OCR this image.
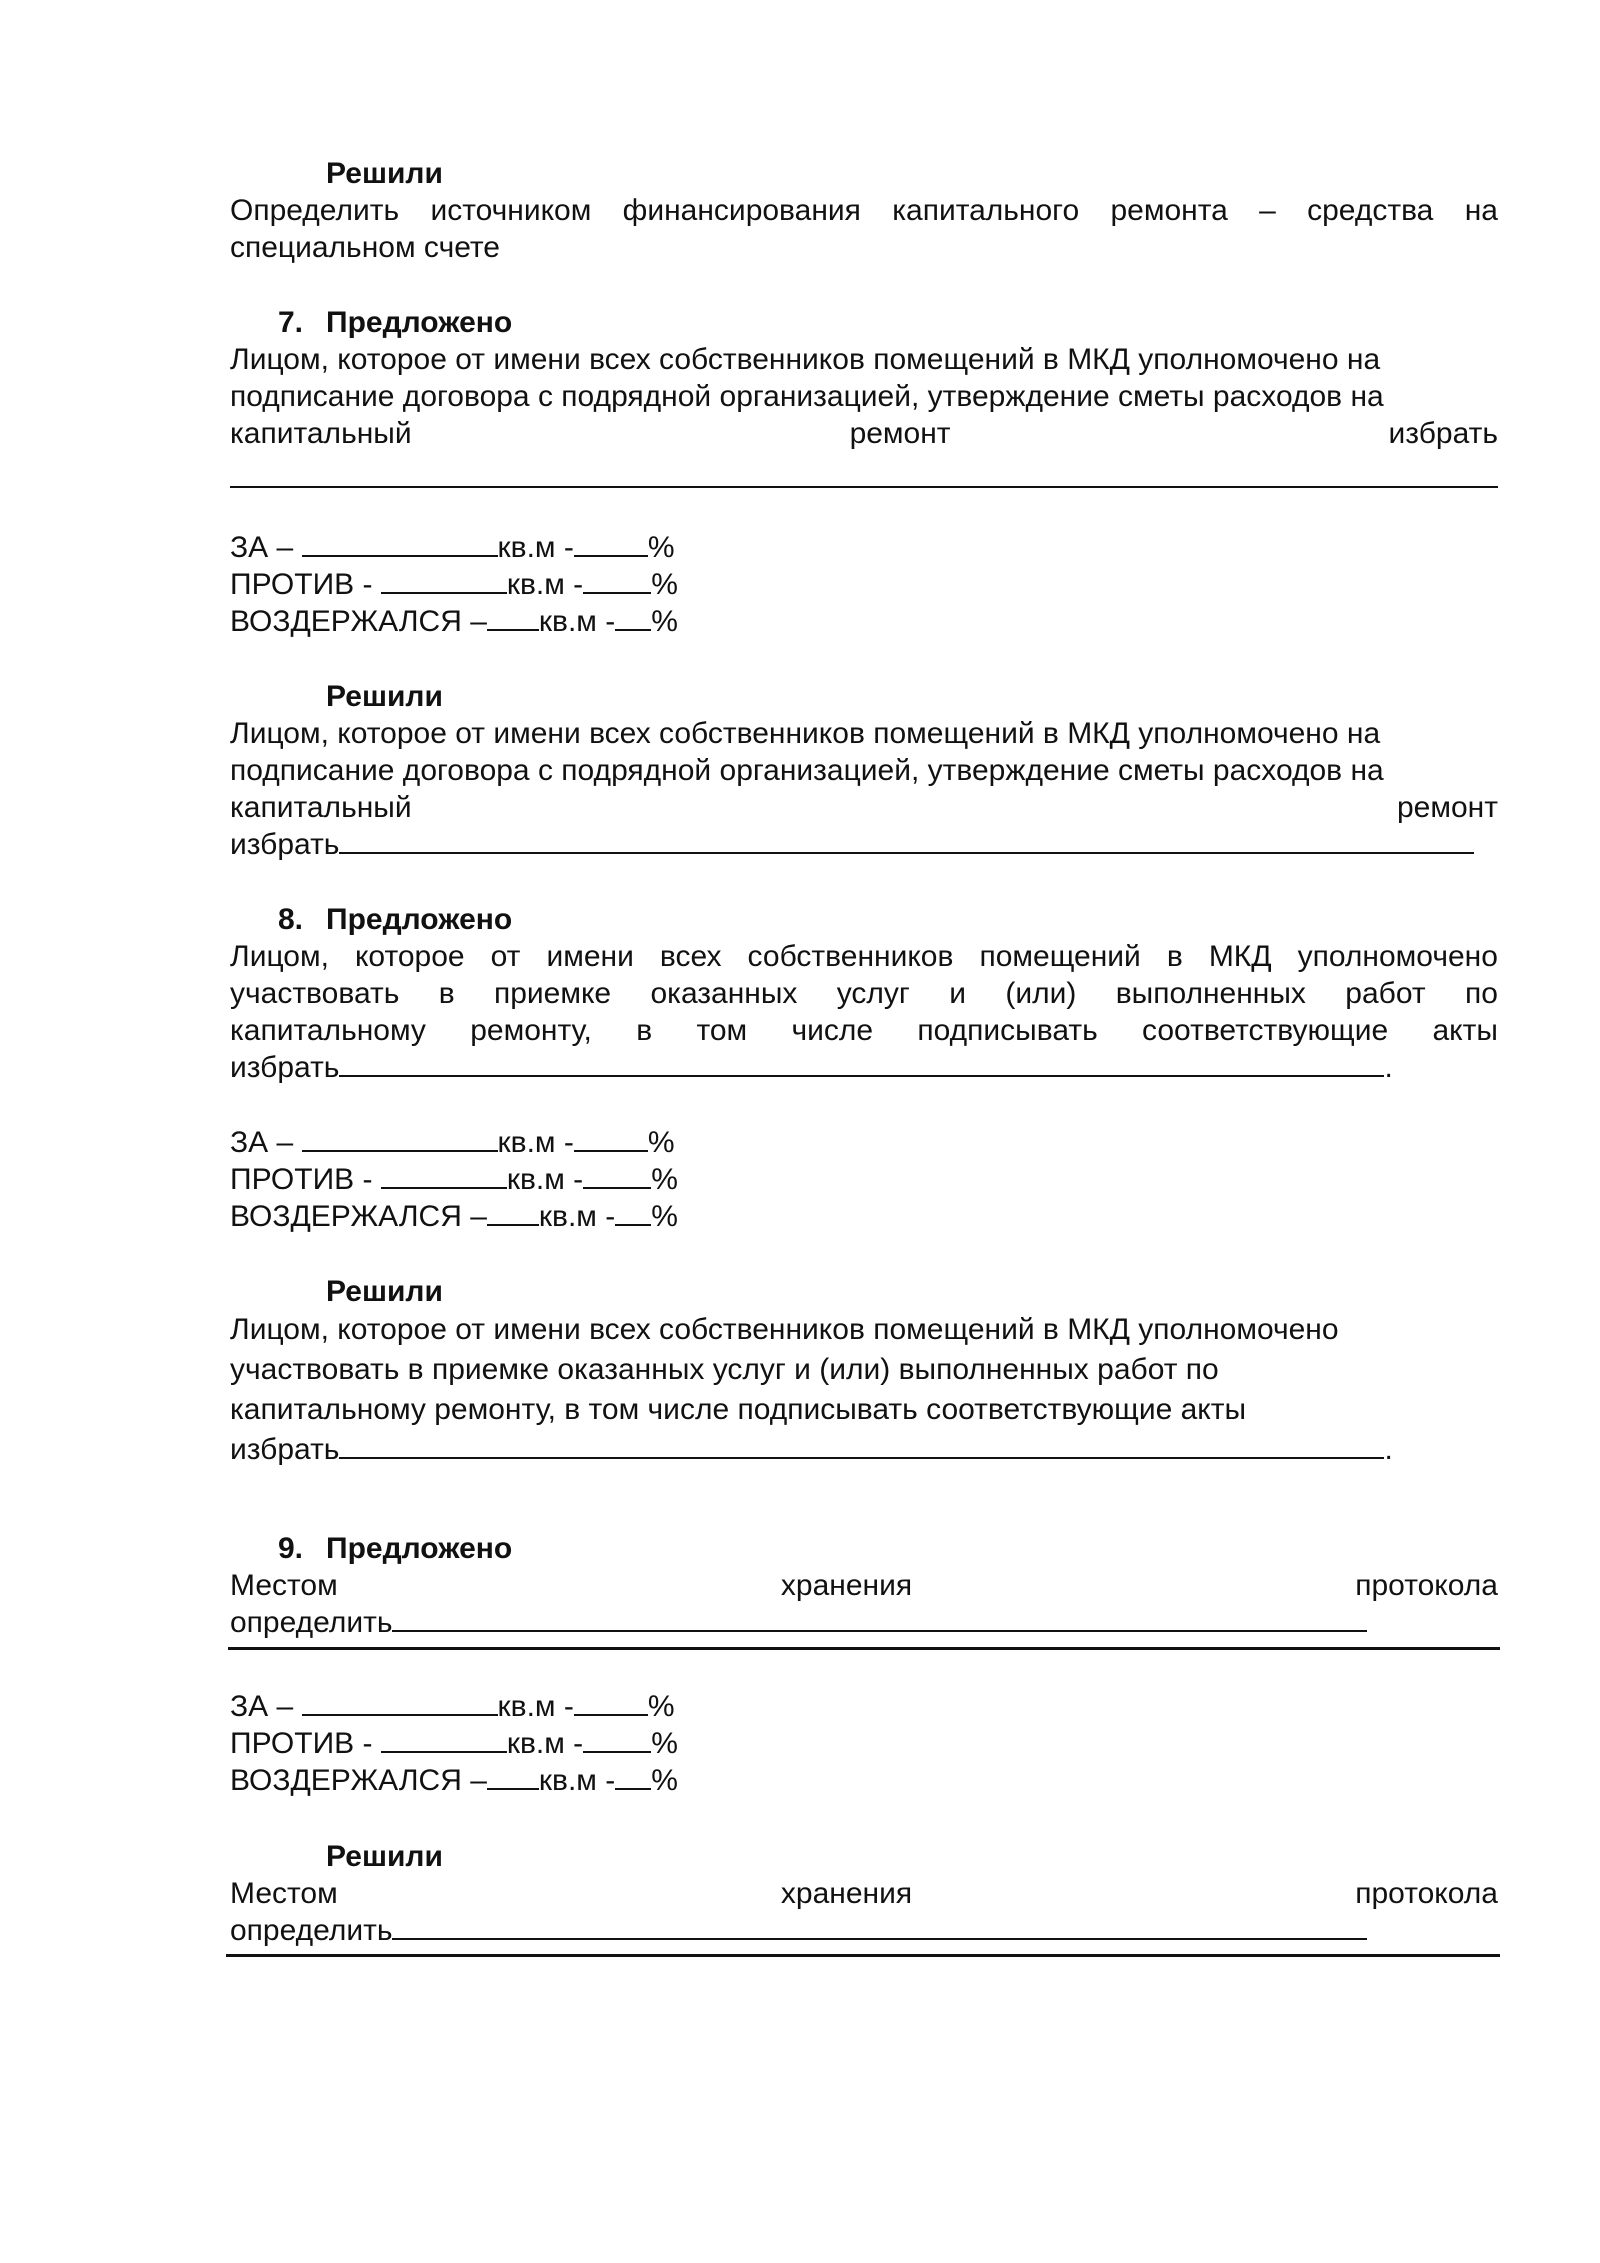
Решили
Определить источником финансирования капитального ремонта – средства на
специальном счете
7. Предложено
Лицом, которое от имени всех собственников помещений в МКД уполномочено на
подписание договора с подрядной организацией, утверждение сметы расходов на
капитальный	ремонт	избрать
ЗА –	кв.м - %
ПРОТИВ -	кв.м - %
ВОЗДЕРЖАЛСЯ – кв.м - %
Решили
Лицом, которое от имени всех собственников помещений в МКД уполномочено на
подписание договора с подрядной организацией, утверждение сметы расходов на
капитальный	ремонт
избрать
8. Предложено
Лицом, которое от имени всех собственников помещений в МКД уполномочено
участвовать в приемке оказанных услуг и (или) выполненных работ по
капитальному ремонту, в том числе подписывать соответствующие акты
избрать	.
ЗА –	кв.м - %
ПРОТИВ -	кв.м - %
ВОЗДЕРЖАЛСЯ – кв.м - %
Решили
Лицом, которое от имени всех собственников помещений в МКД уполномочено
участвовать в приемке оказанных услуг и (или) выполненных работ по
капитальному ремонту, в том числе подписывать соответствующие акты
избрать	.
9. Предложено
Местом	хранения	протокола
определить
ЗА –	кв.м - %
ПРОТИВ -	кв.м - %
ВОЗДЕРЖАЛСЯ – кв.м - %
Решили
Местом	хранения	протокола
определить
